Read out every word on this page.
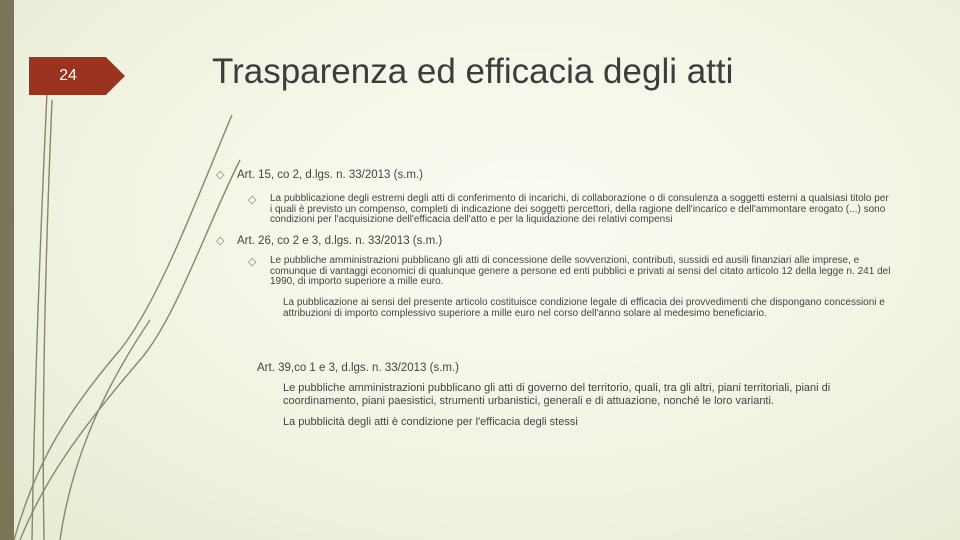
24	Trasparenza ed efficacia degli atti
◇ Art. 15, co 2, d.lgs. n. 33/2013 (s.m.)
◇ La pubblicazione degli estremi degli atti di conferimento di incarichi, di collaborazione o di consulenza a soggetti esterni a qualsiasi titolo per i quali è previsto un compenso, completi di indicazione dei soggetti percettori, della ragione dell'incarico e dell'ammontare erogato (...) sono condizioni per l'acquisizione dell'efficacia dell'atto e per la liquidazione dei relativi compensi
◇ Art. 26, co 2 e 3, d.lgs. n. 33/2013 (s.m.)
◇ Le pubbliche amministrazioni pubblicano gli atti di concessione delle sovvenzioni, contributi, sussidi ed ausili finanziari alle imprese, e comunque di vantaggi economici di qualunque genere a persone ed enti pubblici e privati ai sensi del citato articolo 12 della legge n. 241 del 1990, di importo superiore a mille euro.
La pubblicazione ai sensi del presente articolo costituisce condizione legale di efficacia dei provvedimenti che dispongano concessioni e attribuzioni di importo complessivo superiore a mille euro nel corso dell'anno solare al medesimo beneficiario.
Art. 39,co 1 e 3, d.lgs. n. 33/2013 (s.m.)
Le pubbliche amministrazioni pubblicano gli atti di governo del territorio, quali, tra gli altri, piani territoriali, piani di coordinamento, piani paesistici, strumenti urbanistici, generali e di attuazione, nonché le loro varianti.
La pubblicità degli atti è condizione per l'efficacia degli stessi
